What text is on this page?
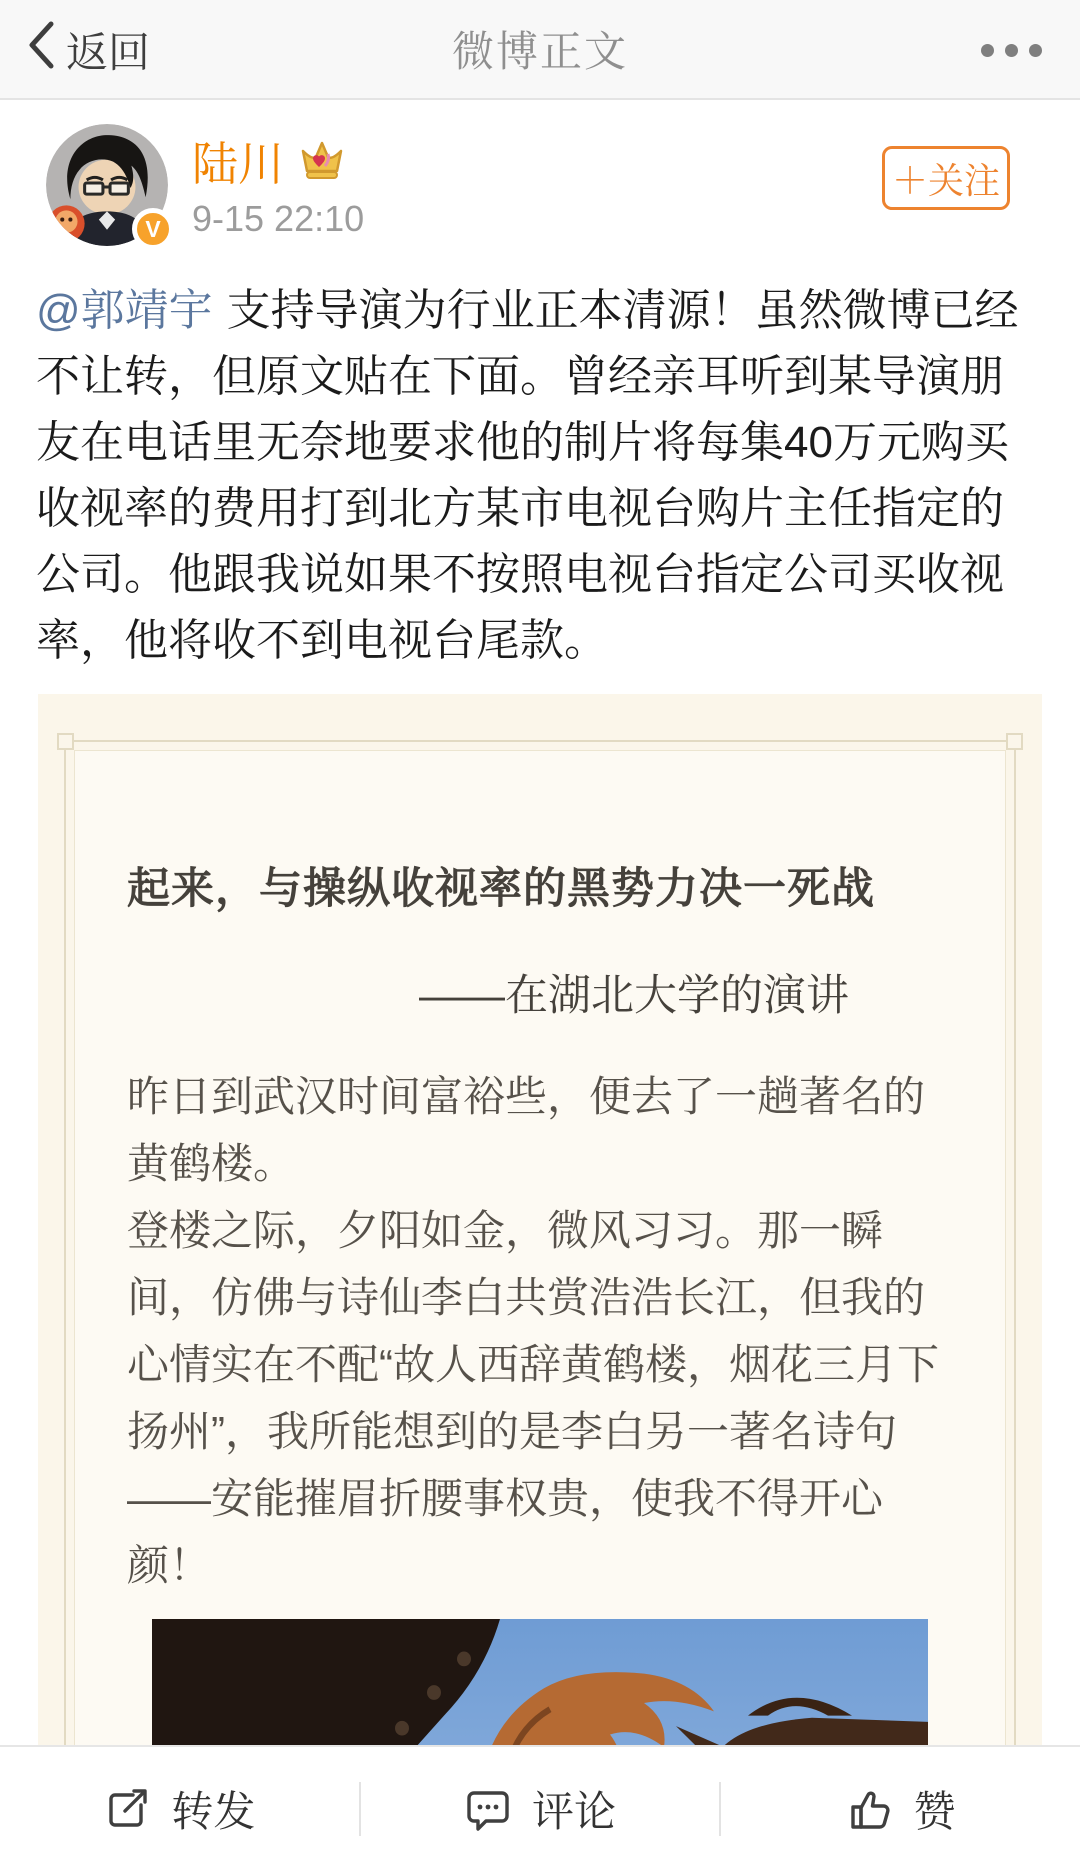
返回	微博正文
V
陆川
9-15 22:10
＋关注
@郭靖宇 支持导演为行业正本清源！虽然微博已经不让转，但原文贴在下面。曾经亲耳听到某导演朋友在电话里无奈地要求他的制片将每集40万元购买收视率的费用打到北方某市电视台购片主任指定的公司。他跟我说如果不按照电视台指定公司买收视率，他将收不到电视台尾款。
起来，与操纵收视率的黑势力决一死战
——在湖北大学的演讲

昨日到武汉时间富裕些，便去了一趟著名的黄鹤楼。

登楼之际，夕阳如金，微风习习。那一瞬间，仿佛与诗仙李白共赏浩浩长江，但我的心情实在不配“故人西辞黄鹤楼，烟花三月下扬州”，我所能想到的是李白另一著名诗句——安能摧眉折腰事权贵，使我不得开心颜！

转发	评论	赞
